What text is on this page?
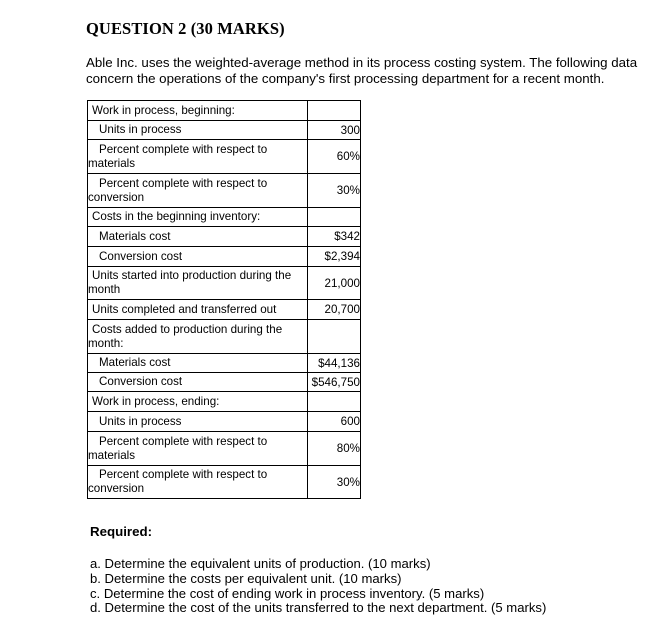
QUESTION 2 (30 MARKS)
Able Inc. uses the weighted-average method in its process costing system. The following data
concern the operations of the company's first processing department for a recent month.
Work in process, beginning:	
Units in process	300
Percent complete with respect to
materials	60%
Percent complete with respect to
conversion	30%
Costs in the beginning inventory:	
Materials cost	$342
Conversion cost	$2,394
Units started into production during the
month	21,000
Units completed and transferred out	20,700
Costs added to production during the
month:	
Materials cost	$44,136
Conversion cost	$546,750
Work in process, ending:	
Units in process	600
Percent complete with respect to
materials	80%
Percent complete with respect to
conversion	30%
Required:
a. Determine the equivalent units of production. (10 marks)
b. Determine the costs per equivalent unit. (10 marks)
c. Determine the cost of ending work in process inventory. (5 marks)
d. Determine the cost of the units transferred to the next department. (5 marks)
